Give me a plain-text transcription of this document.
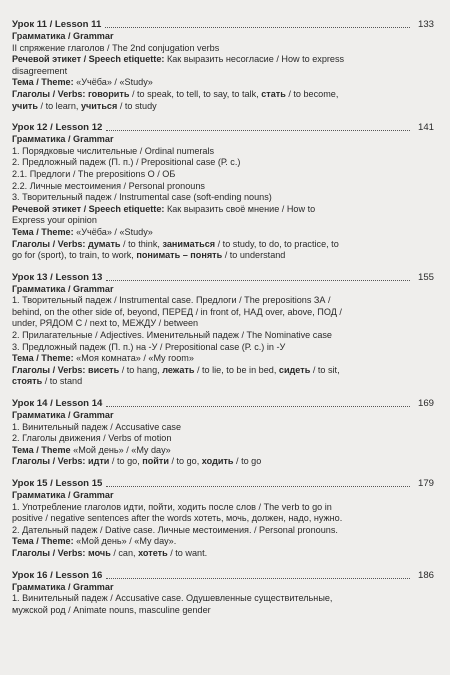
Урок 11 / Lesson 11	133
Грамматика / Grammar
II спряжение глаголов / The 2nd conjugation verbs
Речевой этикет / Speech etiquette: Как выразить несогласие / How to express
disagreement
Тема / Theme: «Учёба» / «Study»
Глаголы / Verbs: говорить / to speak, to tell, to say, to talk, стать / to become,
учить / to learn, учиться / to study
Урок 12 / Lesson 12	141
Грамматика / Grammar
1. Порядковые числительные / Ordinal numerals
2. Предложный падеж (П. п.) / Prepositional case (Р. с.)
2.1. Предлоги / The prepositions О / ОБ
2.2. Личные местоимения / Personal pronouns
3. Творительный падеж / Instrumental case (soft-ending nouns)
Речевой этикет / Speech etiquette: Как выразить своё мнение / How to
Express your opinion
Тема / Theme: «Учёба» / «Study»
Глаголы / Verbs: думать / to think, заниматься / to study, to do, to practice, to
go for (sport), to train, to work, понимать – понять / to understand
Урок 13 / Lesson 13	155
Грамматика / Grammar
1. Творительный падеж / Instrumental case. Предлоги / The prepositions ЗА /
behind, on the other side of, beyond, ПЕРЕД / in front of, НАД over, above, ПОД /
under, РЯДОМ С / next to, МЕЖДУ / between
2. Прилагательные / Adjectives. Именительный падеж / The Nominative case
3. Предложный падеж (П. п.) на -У / Prepositional case (Р. с.) in -У
Тема / Theme: «Моя комната» / «My room»
Глаголы / Verbs: висеть / to hang, лежать / to lie, to be in bed, сидеть / to sit,
стоять / to stand
Урок 14 / Lesson 14	169
Грамматика / Grammar
1. Винительный падеж / Accusative case
2. Глаголы движения / Verbs of motion
Тема / Theme «Мой день» / «My day»
Глаголы / Verbs: идти / to go, пойти / to go, ходить / to go
Урок 15 / Lesson 15	179
Грамматика / Grammar
1. Употребление глаголов идти, пойти, ходить после слов / The verb to go in
positive / negative sentences after the words хотеть, мочь, должен, надо, нужно.
2. Дательный падеж / Dative case. Личные местоимения. / Personal pronouns.
Тема / Theme: «Мой день» / «My day».
Глаголы / Verbs: мочь / can, хотеть / to want.
Урок 16 / Lesson 16	186
Грамматика / Grammar
1. Винительный падеж / Accusative case. Одушевленные существительные,
мужской род / Animate nouns, masculine gender
